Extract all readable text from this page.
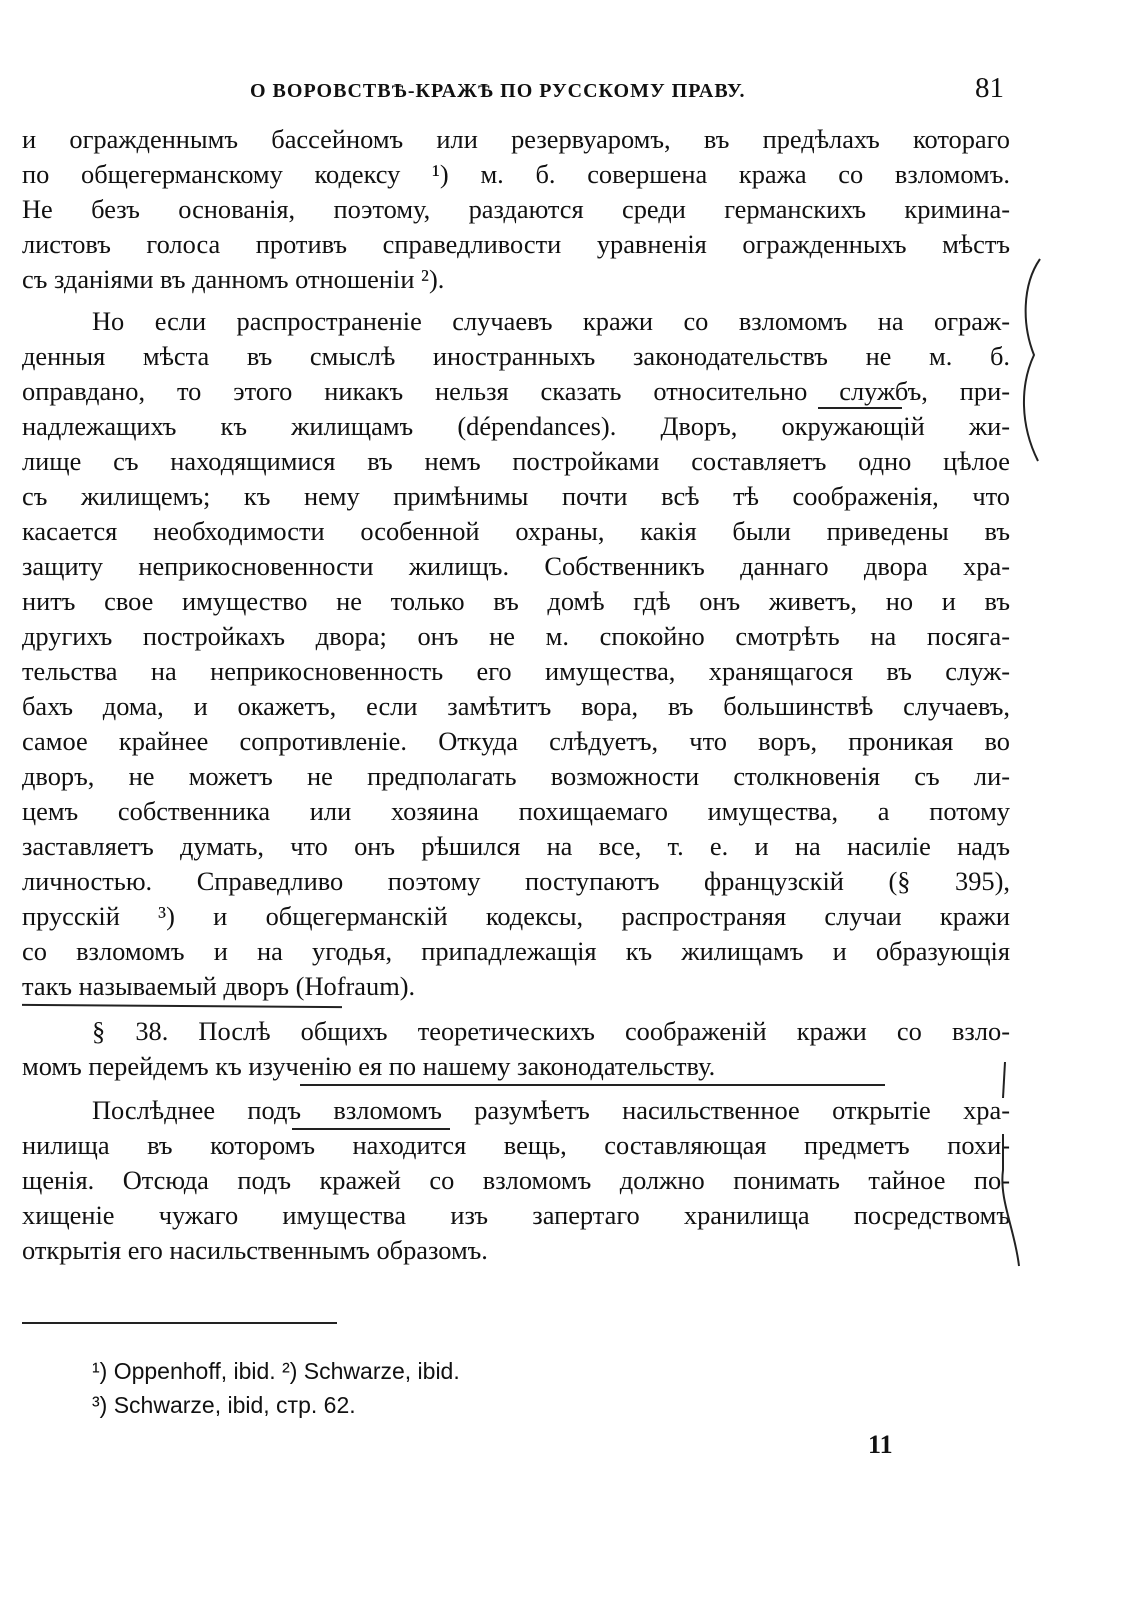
О ВОРОВСТВѢ-КРАЖѢ ПО РУССКОМУ ПРАВУ.	81
и огражденнымъ бассейномъ или резервуаромъ, въ предѣлахъ котораго
по общегерманскому кодексу ¹) м. б. совершена кража со взломомъ.
Не безъ основанія, поэтому, раздаются среди германскихъ кримина-
листовъ голоса противъ справедливости уравненія огражденныхъ мѣстъ
съ зданіями въ данномъ отношеніи ²).
Но если распространеніе случаевъ кражи со взломомъ на ограж-
денныя мѣста въ смыслѣ иностранныхъ законодательствъ не м. б.
оправдано, то этого никакъ нельзя сказать относительно службъ, при-
надлежащихъ къ жилищамъ (dépendances). Дворъ, окружающій жи-
лище съ находящимися въ немъ постройками составляетъ одно цѣлое
съ жилищемъ; къ нему примѣнимы почти всѣ тѣ соображенія, что
касается необходимости особенной охраны, какія были приведены въ
защиту неприкосновенности жилищъ. Собственникъ даннаго двора хра-
нитъ свое имущество не только въ домѣ гдѣ онъ живетъ, но и въ
другихъ постройкахъ двора; онъ не м. спокойно смотрѣть на посяга-
тельства на неприкосновенность его имущества, хранящагося въ служ-
бахъ дома, и окажетъ, если замѣтитъ вора, въ большинствѣ случаевъ,
самое крайнее сопротивленіе. Откуда слѣдуетъ, что воръ, проникая во
дворъ, не можетъ не предполагать возможности столкновенія съ ли-
цемъ собственника или хозяина похищаемаго имущества, а потому
заставляетъ думать, что онъ рѣшился на все, т. е. и на насиліе надъ
личностью. Справедливо поэтому поступаютъ французскій (§ 395),
прусскій ³) и общегерманскій кодексы, распространяя случаи кражи
со взломомъ и на угодья, припадлежащія къ жилищамъ и образующія
такъ называемый дворъ (Hofraum).
§ 38. Послѣ общихъ теоретическихъ соображеній кражи со взло-
момъ перейдемъ къ изученію ея по нашему законодательству.
Послѣднее подъ взломомъ разумѣетъ насильственное открытіе хра-
нилища въ которомъ находится вещь, составляющая предметъ похи-
щенія. Отсюда подъ кражей со взломомъ должно понимать тайное по-
хищеніе чужаго имущества изъ запертаго хранилища посредствомъ
открытія его насильственнымъ образомъ.
¹) Oppenhoff, ibid. ²) Schwarze, ibid.
³) Schwarze, ibid, стр. 62.
11
